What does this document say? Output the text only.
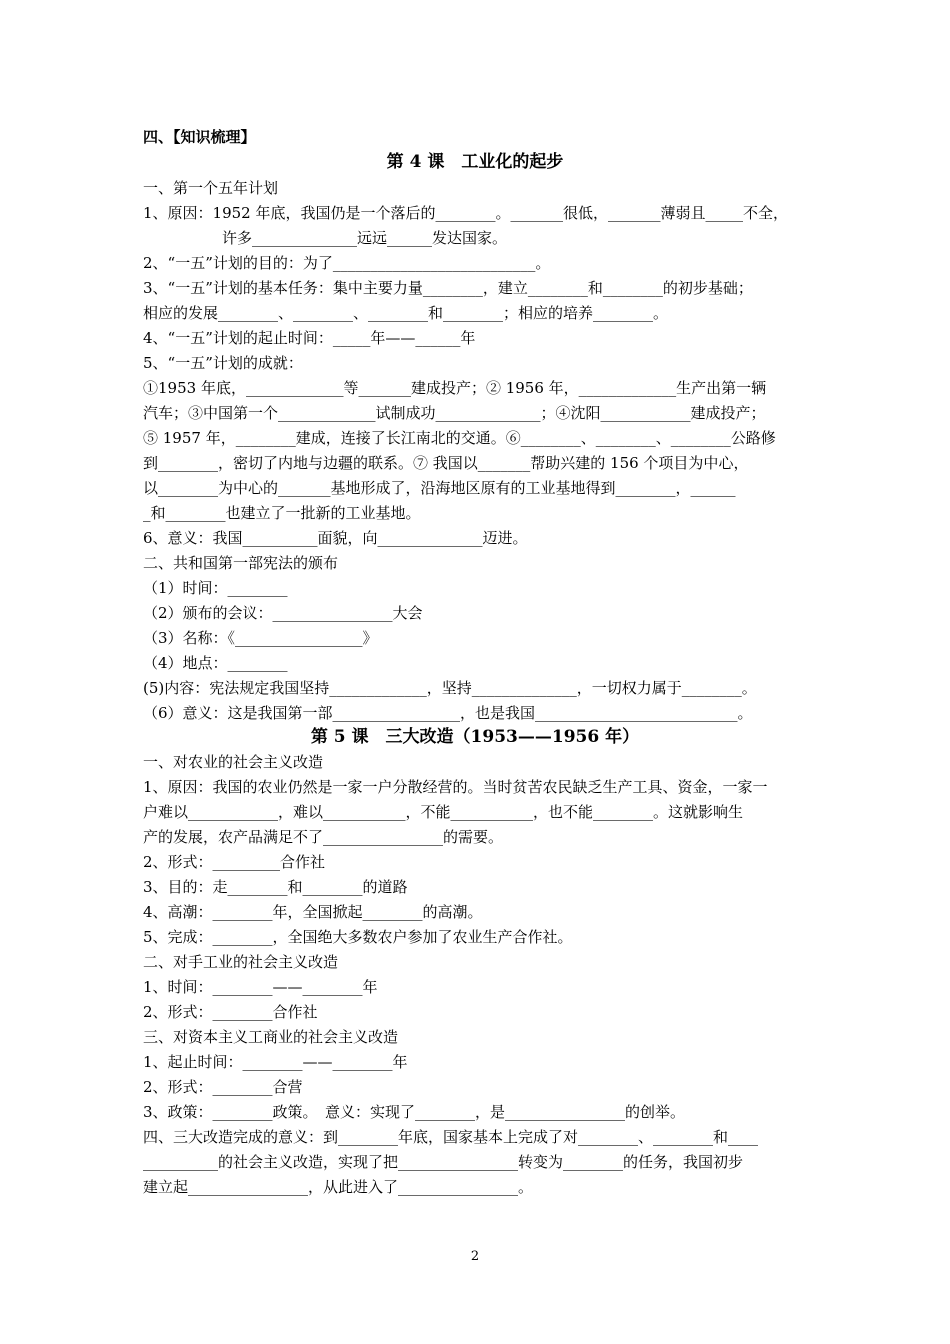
四、【知识梳理】
第 4 课　工业化的起步
一、第一个五年计划
1、原因：1952 年底，我国仍是一个落后的________。_______很低，_______薄弱且_____不全，
许多______________远远______发达国家。
2、“一五”计划的目的：为了___________________________。
3、“一五”计划的基本任务：集中主要力量________，建立________和________的初步基础；
相应的发展________、________、________和________；相应的培养________。
4、“一五”计划的起止时间：_____年——______年
5、“一五”计划的成就：
①1953 年底，_____________等_______建成投产；② 1956 年，_____________生产出第一辆
汽车；③中国第一个_____________试制成功______________；④沈阳____________建成投产；
⑤ 1957 年，________建成，连接了长江南北的交通。⑥________、________、________公路修
到________，密切了内地与边疆的联系。⑦ 我国以_______帮助兴建的 156 个项目为中心，
以________为中心的_______基地形成了，沿海地区原有的工业基地得到________，______
_和________也建立了一批新的工业基地。
6、意义：我国__________面貌，向______________迈进。
二、共和国第一部宪法的颁布
（1）时间：________
（2）颁布的会议：________________大会
（3）名称：《_________________》
（4）地点：________
(5)内容：宪法规定我国坚持_____________，坚持______________，一切权力属于________。
（6）意义：这是我国第一部_________________，也是我国___________________________。
第 5 课　三大改造（1953——1956 年）
一、对农业的社会主义改造
1、原因：我国的农业仍然是一家一户分散经营的。当时贫苦农民缺乏生产工具、资金，一家一
户难以____________，难以___________，不能___________，也不能________。这就影响生
产的发展，农产品满足不了________________的需要。
2、形式：_________合作社
3、目的：走________和________的道路
4、高潮：________年，全国掀起________的高潮。
5、完成：________，全国绝大多数农户参加了农业生产合作社。
二、对手工业的社会主义改造
1、时间：________——________年
2、形式：________合作社
三、对资本主义工商业的社会主义改造
1、起止时间：________——________年
2、形式：________合营
3、政策：________政策。　意义：实现了________，是________________的创举。
四、三大改造完成的意义：到________年底，国家基本上完成了对________、________和____
__________的社会主义改造，实现了把________________转变为________的任务，我国初步
建立起________________，从此进入了________________。
2
